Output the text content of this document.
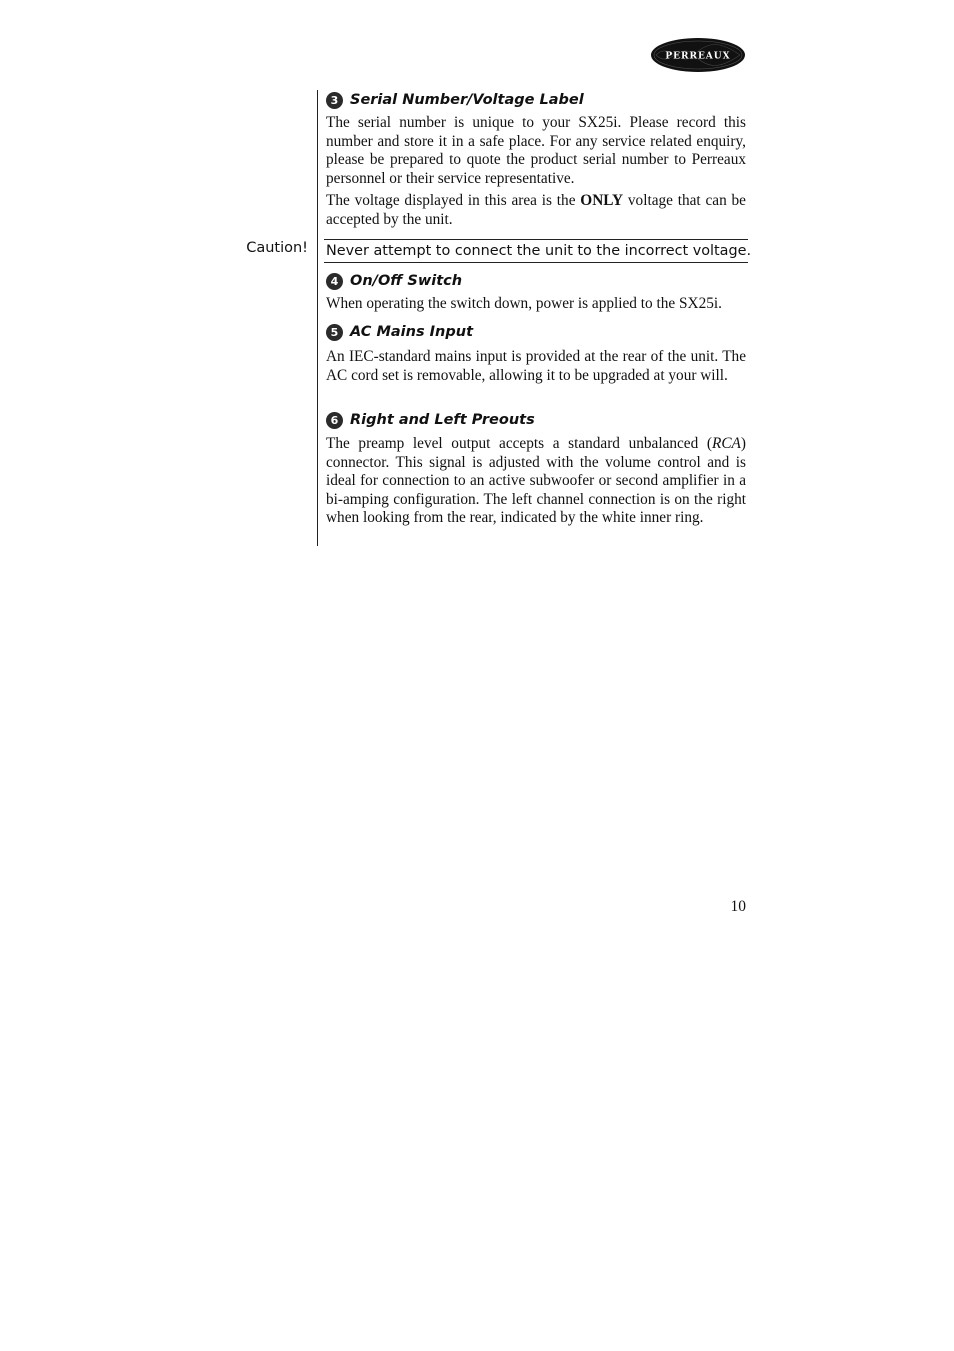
PERREAUX
3 Serial Number/Voltage Label

The serial number is unique to your SX25i. Please record this number and store it in a safe place. For any service related enquiry, please be prepared to quote the product serial number to Perreaux personnel or their service representative.

The voltage displayed in this area is the ONLY voltage that can be accepted by the unit.

Caution! Never attempt to connect the unit to the incorrect voltage.
4 On/Off Switch

When operating the switch down, power is applied to the SX25i.

5 AC Mains Input

An IEC-standard mains input is provided at the rear of the unit. The AC cord set is removable, allowing it to be upgraded at your will.

6 Right and Left Preouts

The preamp level output accepts a standard unbalanced (RCA) connector. This signal is adjusted with the volume control and is ideal for connection to an active subwoofer or second amplifier in a bi-amping configuration. The left channel connection is on the right when looking from the rear, indicated by the white inner ring.

10
